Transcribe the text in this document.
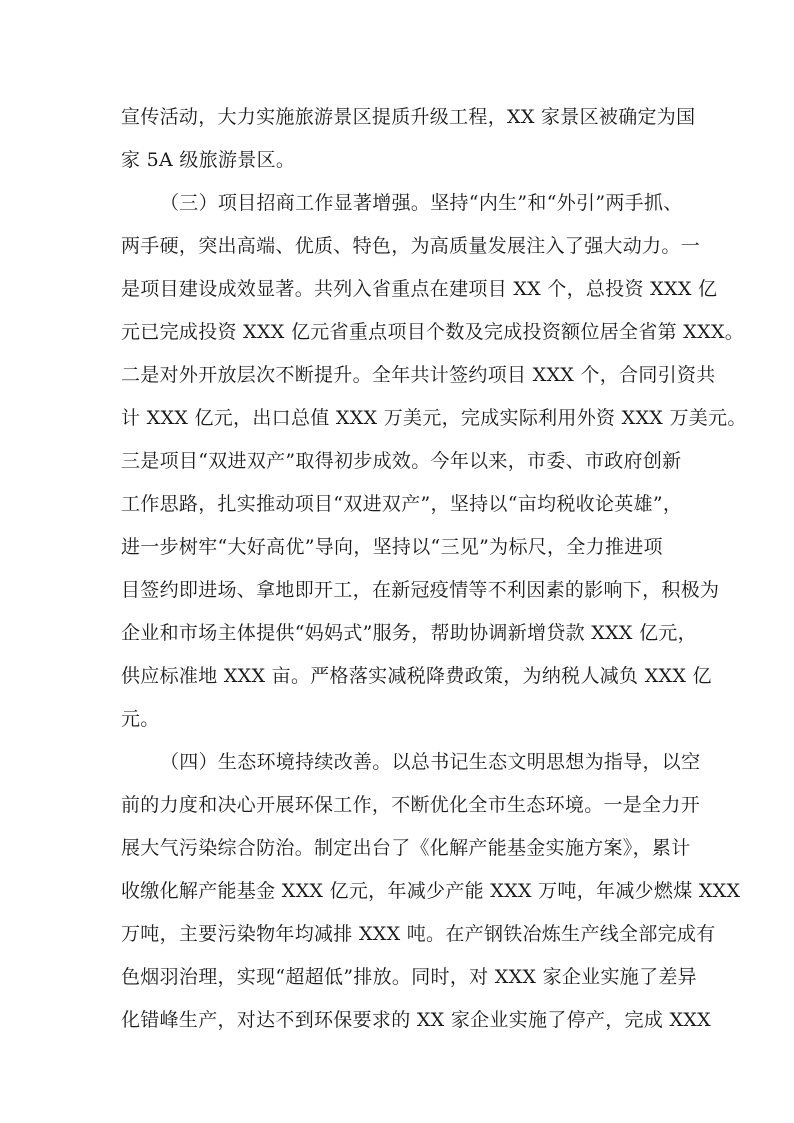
宣传活动，大力实施旅游景区提质升级工程，XX 家景区被确定为国
家 5A 级旅游景区。
（三）项目招商工作显著增强。坚持“内生”和“外引”两手抓、
两手硬，突出高端、优质、特色，为高质量发展注入了强大动力。一
是项目建设成效显著。共列入省重点在建项目 XX 个，总投资 XXX 亿
元已完成投资 XXX 亿元省重点项目个数及完成投资额位居全省第 XXX。
二是对外开放层次不断提升。全年共计签约项目 XXX 个，合同引资共
计 XXX 亿元，出口总值 XXX 万美元，完成实际利用外资 XXX 万美元。
三是项目“双进双产”取得初步成效。今年以来，市委、市政府创新
工作思路，扎实推动项目“双进双产”，坚持以“亩均税收论英雄”，
进一步树牢“大好高优”导向，坚持以“三见”为标尺，全力推进项
目签约即进场、拿地即开工，在新冠疫情等不利因素的影响下，积极为
企业和市场主体提供“妈妈式”服务，帮助协调新增贷款 XXX 亿元，
供应标准地 XXX 亩。严格落实减税降费政策，为纳税人减负 XXX 亿
元。
（四）生态环境持续改善。以总书记生态文明思想为指导，以空
前的力度和决心开展环保工作，不断优化全市生态环境。一是全力开
展大气污染综合防治。制定出台了《化解产能基金实施方案》，累计
收缴化解产能基金 XXX 亿元，年减少产能 XXX 万吨，年减少燃煤 XXX
万吨，主要污染物年均减排 XXX 吨。在产钢铁冶炼生产线全部完成有
色烟羽治理，实现“超超低”排放。同时，对 XXX 家企业实施了差异
化错峰生产，对达不到环保要求的 XX 家企业实施了停产，完成 XXX
